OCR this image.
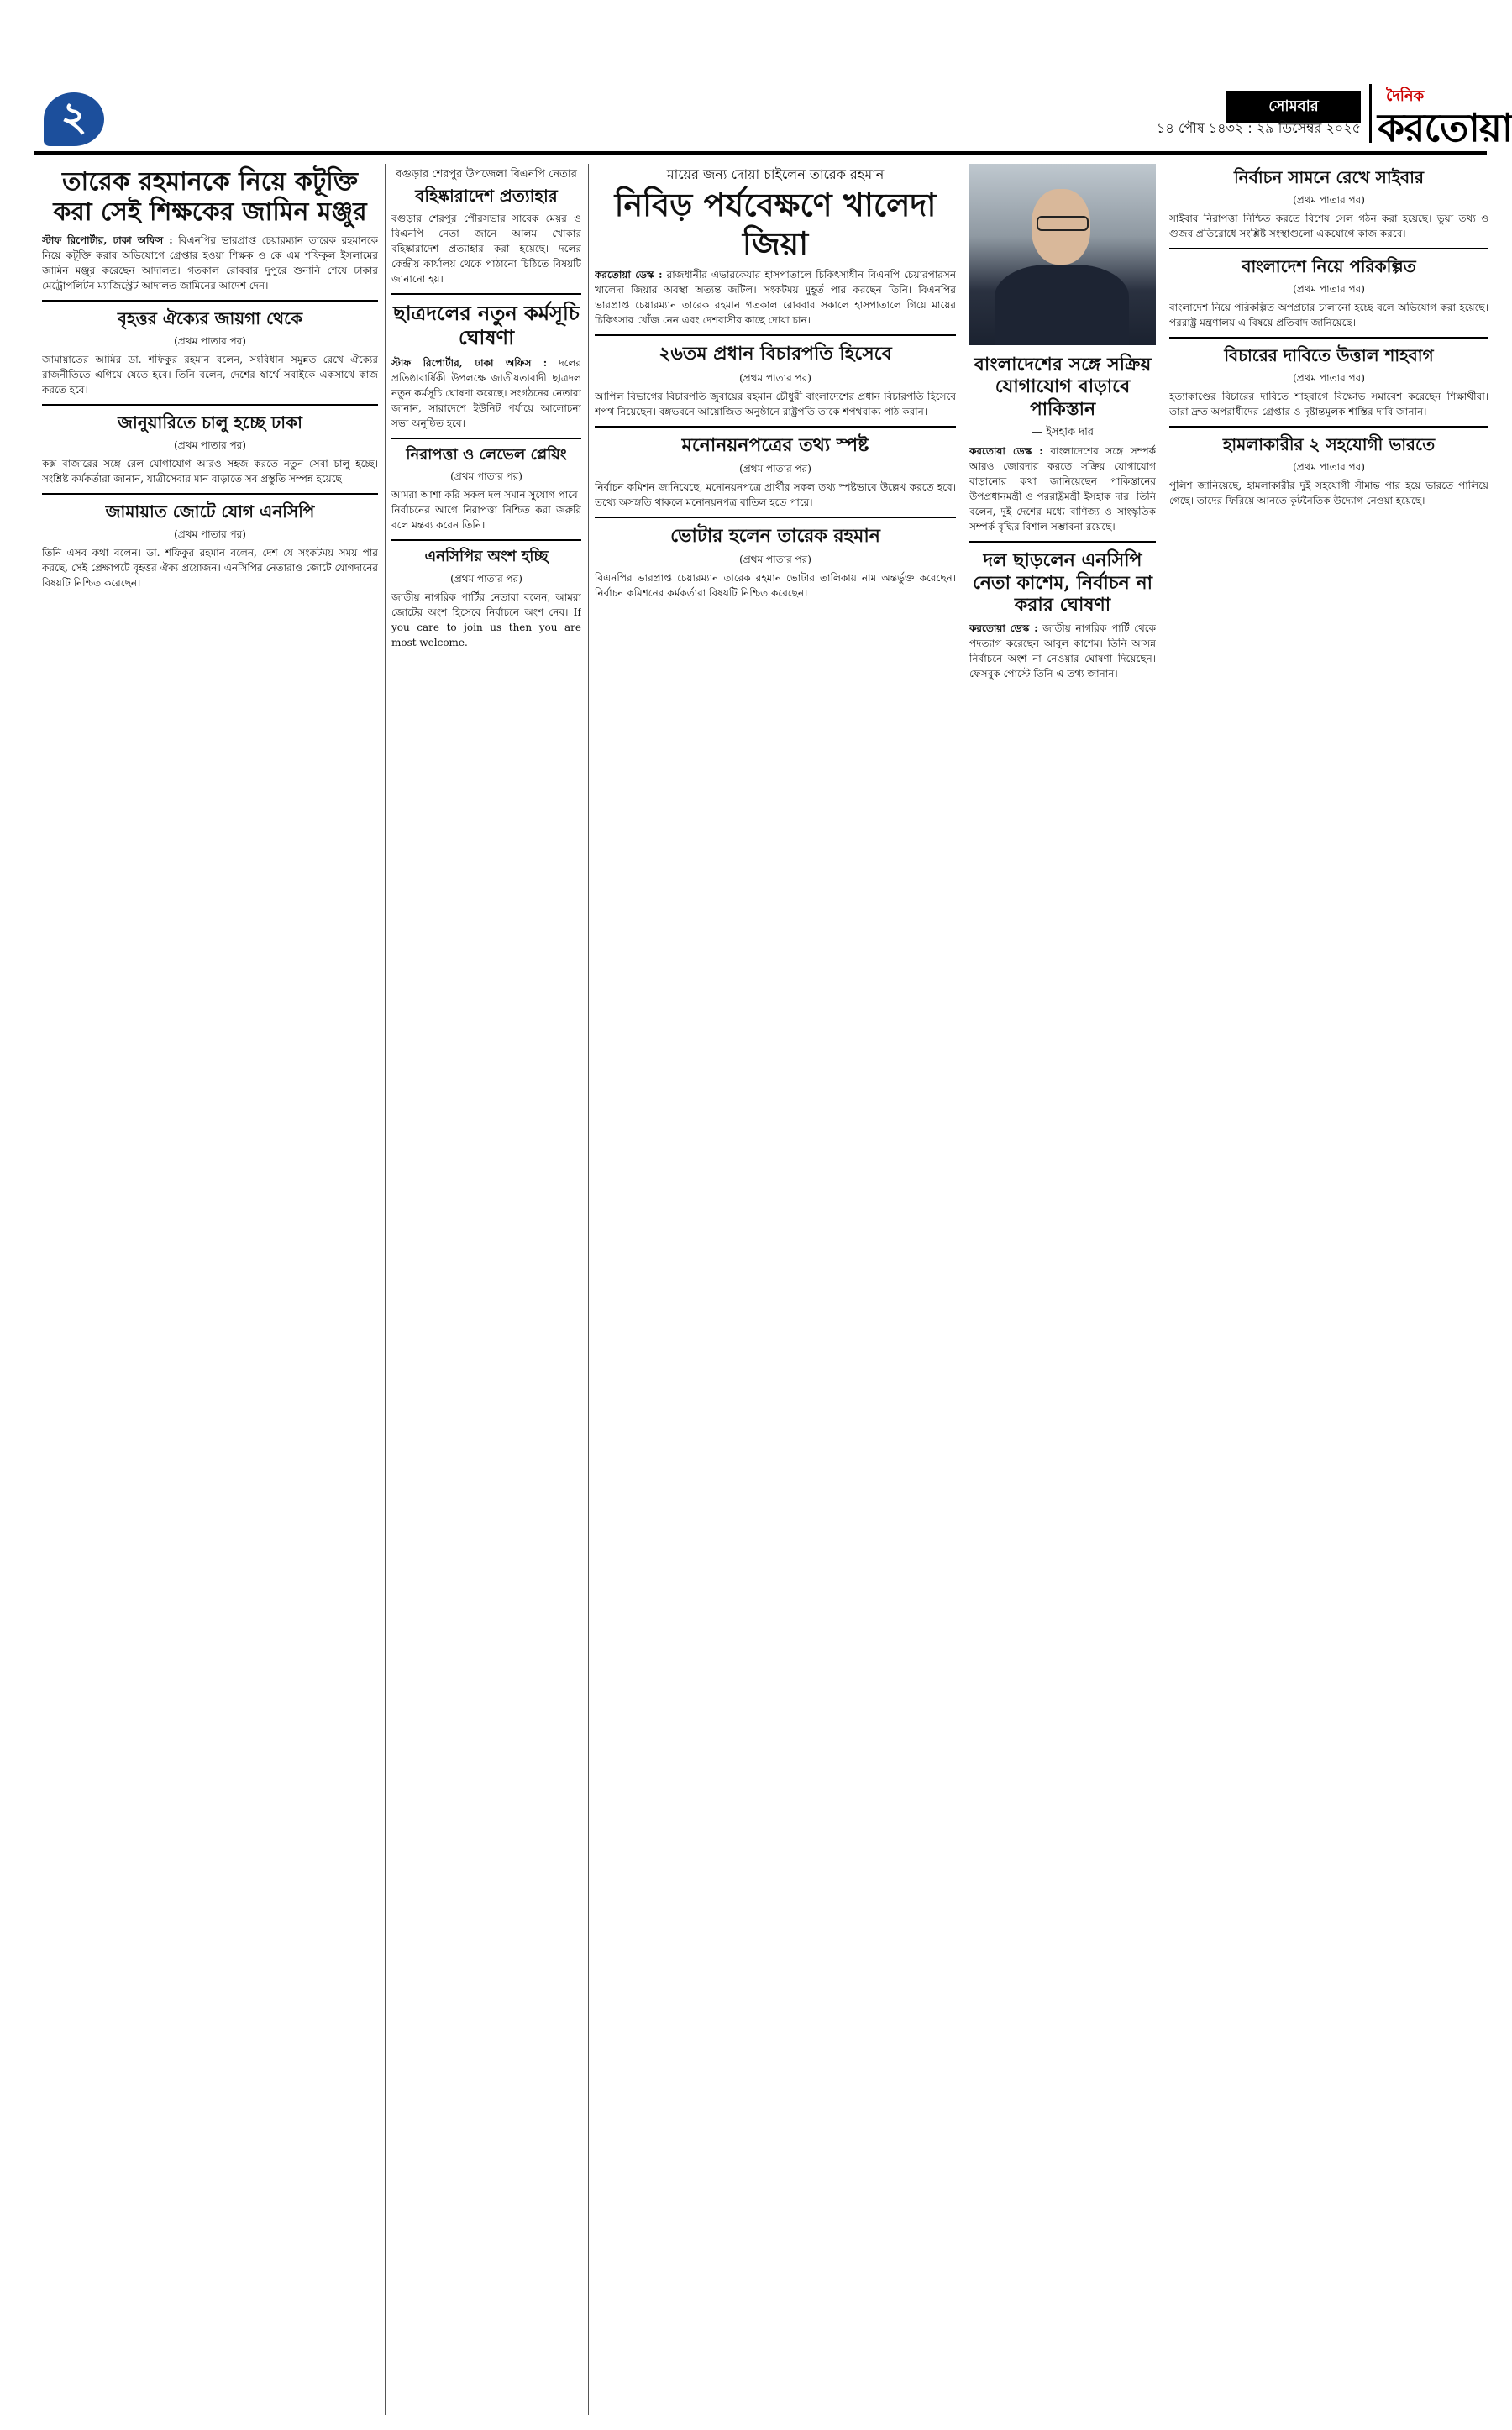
২	সোমবার
১৪ পৌষ ১৪৩২ : ২৯ ডিসেম্বর ২০২৫
দৈনিক
করতোয়া
তারেক রহমানকে নিয়ে কটূক্তি করা সেই শিক্ষকের জামিন মঞ্জুর

স্টাফ রিপোর্টার, ঢাকা অফিস : বিএনপির ভারপ্রাপ্ত চেয়ারম্যান তারেক রহমানকে নিয়ে কটূক্তি করার অভিযোগে গ্রেপ্তার হওয়া শিক্ষক ও কে এম শফিকুল ইসলামের জামিন মঞ্জুর করেছেন আদালত। গতকাল রোববার দুপুরে শুনানি শেষে ঢাকার মেট্রোপলিটন ম্যাজিস্ট্রেট আদালত জামিনের আদেশ দেন।

বৃহত্তর ঐক্যের জায়গা থেকে
(প্রথম পাতার পর)

জামায়াতের আমির ডা. শফিকুর রহমান বলেন, সংবিধান সমুন্নত রেখে ঐক্যের রাজনীতিতে এগিয়ে যেতে হবে। তিনি বলেন, দেশের স্বার্থে সবাইকে একসাথে কাজ করতে হবে।

জানুয়ারিতে চালু হচ্ছে ঢাকা
(প্রথম পাতার পর)

কক্স বাজারের সঙ্গে রেল যোগাযোগ আরও সহজ করতে নতুন সেবা চালু হচ্ছে। সংশ্লিষ্ট কর্মকর্তারা জানান, যাত্রীসেবার মান বাড়াতে সব প্রস্তুতি সম্পন্ন হয়েছে।

জামায়াত জোটে যোগ এনসিপি
(প্রথম পাতার পর)

তিনি এসব কথা বলেন। ডা. শফিকুর রহমান বলেন, দেশ যে সংকটময় সময় পার করছে, সেই প্রেক্ষাপটে বৃহত্তর ঐক্য প্রয়োজন। এনসিপির নেতারাও জোটে যোগদানের বিষয়টি নিশ্চিত করেছেন।

বগুড়ার শেরপুর উপজেলা বিএনপি নেতার
বহিষ্কারাদেশ প্রত্যাহার

বগুড়ার শেরপুর পৌরসভার সাবেক মেয়র ও বিএনপি নেতা জানে আলম খোকার বহিষ্কারাদেশ প্রত্যাহার করা হয়েছে। দলের কেন্দ্রীয় কার্যালয় থেকে পাঠানো চিঠিতে বিষয়টি জানানো হয়।

ছাত্রদলের নতুন কর্মসূচি ঘোষণা

স্টাফ রিপোর্টার, ঢাকা অফিস : দলের প্রতিষ্ঠাবার্ষিকী উপলক্ষে জাতীয়তাবাদী ছাত্রদল নতুন কর্মসূচি ঘোষণা করেছে। সংগঠনের নেতারা জানান, সারাদেশে ইউনিট পর্যায়ে আলোচনা সভা অনুষ্ঠিত হবে।

নিরাপত্তা ও লেভেল প্লেয়িং
(প্রথম পাতার পর)

আমরা আশা করি সকল দল সমান সুযোগ পাবে। নির্বাচনের আগে নিরাপত্তা নিশ্চিত করা জরুরি বলে মন্তব্য করেন তিনি।

এনসিপির অংশ হচ্ছি
(প্রথম পাতার পর)

জাতীয় নাগরিক পার্টির নেতারা বলেন, আমরা জোটের অংশ হিসেবে নির্বাচনে অংশ নেব। If you care to join us then you are most welcome.

মায়ের জন্য দোয়া চাইলেন তারেক রহমান
নিবিড় পর্যবেক্ষণে খালেদা জিয়া

করতোয়া ডেস্ক : রাজধানীর এভারকেয়ার হাসপাতালে চিকিৎসাধীন বিএনপি চেয়ারপারসন খালেদা জিয়ার অবস্থা অত্যন্ত জটিল। সংকটময় মুহূর্ত পার করছেন তিনি। বিএনপির ভারপ্রাপ্ত চেয়ারম্যান তারেক রহমান গতকাল রোববার সকালে হাসপাতালে গিয়ে মায়ের চিকিৎসার খোঁজ নেন এবং দেশবাসীর কাছে দোয়া চান।

২৬তম প্রধান বিচারপতি হিসেবে
(প্রথম পাতার পর)

আপিল বিভাগের বিচারপতি জুবায়ের রহমান চৌধুরী বাংলাদেশের প্রধান বিচারপতি হিসেবে শপথ নিয়েছেন। বঙ্গভবনে আয়োজিত অনুষ্ঠানে রাষ্ট্রপতি তাকে শপথবাক্য পাঠ করান।

মনোনয়নপত্রের তথ্য স্পষ্ট
(প্রথম পাতার পর)

নির্বাচন কমিশন জানিয়েছে, মনোনয়নপত্রে প্রার্থীর সকল তথ্য স্পষ্টভাবে উল্লেখ করতে হবে। তথ্যে অসঙ্গতি থাকলে মনোনয়নপত্র বাতিল হতে পারে।

ভোটার হলেন তারেক রহমান
(প্রথম পাতার পর)

বিএনপির ভারপ্রাপ্ত চেয়ারম্যান তারেক রহমান ভোটার তালিকায় নাম অন্তর্ভুক্ত করেছেন। নির্বাচন কমিশনের কর্মকর্তারা বিষয়টি নিশ্চিত করেছেন।

বাংলাদেশের সঙ্গে সক্রিয় যোগাযোগ বাড়াবে পাকিস্তান
— ইসহাক দার

করতোয়া ডেস্ক : বাংলাদেশের সঙ্গে সম্পর্ক আরও জোরদার করতে সক্রিয় যোগাযোগ বাড়ানোর কথা জানিয়েছেন পাকিস্তানের উপপ্রধানমন্ত্রী ও পররাষ্ট্রমন্ত্রী ইসহাক দার। তিনি বলেন, দুই দেশের মধ্যে বাণিজ্য ও সাংস্কৃতিক সম্পর্ক বৃদ্ধির বিশাল সম্ভাবনা রয়েছে।

দল ছাড়লেন এনসিপি নেতা কাশেম, নির্বাচন না করার ঘোষণা

করতোয়া ডেস্ক : জাতীয় নাগরিক পার্টি থেকে পদত্যাগ করেছেন আবুল কাশেম। তিনি আসন্ন নির্বাচনে অংশ না নেওয়ার ঘোষণা দিয়েছেন। ফেসবুক পোস্টে তিনি এ তথ্য জানান।

নির্বাচন সামনে রেখে সাইবার
(প্রথম পাতার পর)

সাইবার নিরাপত্তা নিশ্চিত করতে বিশেষ সেল গঠন করা হয়েছে। ভুয়া তথ্য ও গুজব প্রতিরোধে সংশ্লিষ্ট সংস্থাগুলো একযোগে কাজ করবে।

বাংলাদেশ নিয়ে পরিকল্পিত
(প্রথম পাতার পর)

বাংলাদেশ নিয়ে পরিকল্পিত অপপ্রচার চালানো হচ্ছে বলে অভিযোগ করা হয়েছে। পররাষ্ট্র মন্ত্রণালয় এ বিষয়ে প্রতিবাদ জানিয়েছে।

বিচারের দাবিতে উত্তাল শাহবাগ
(প্রথম পাতার পর)

হত্যাকাণ্ডের বিচারের দাবিতে শাহবাগে বিক্ষোভ সমাবেশ করেছেন শিক্ষার্থীরা। তারা দ্রুত অপরাধীদের গ্রেপ্তার ও দৃষ্টান্তমূলক শাস্তির দাবি জানান।

হামলাকারীর ২ সহযোগী ভারতে
(প্রথম পাতার পর)

পুলিশ জানিয়েছে, হামলাকারীর দুই সহযোগী সীমান্ত পার হয়ে ভারতে পালিয়ে গেছে। তাদের ফিরিয়ে আনতে কূটনৈতিক উদ্যোগ নেওয়া হয়েছে।
